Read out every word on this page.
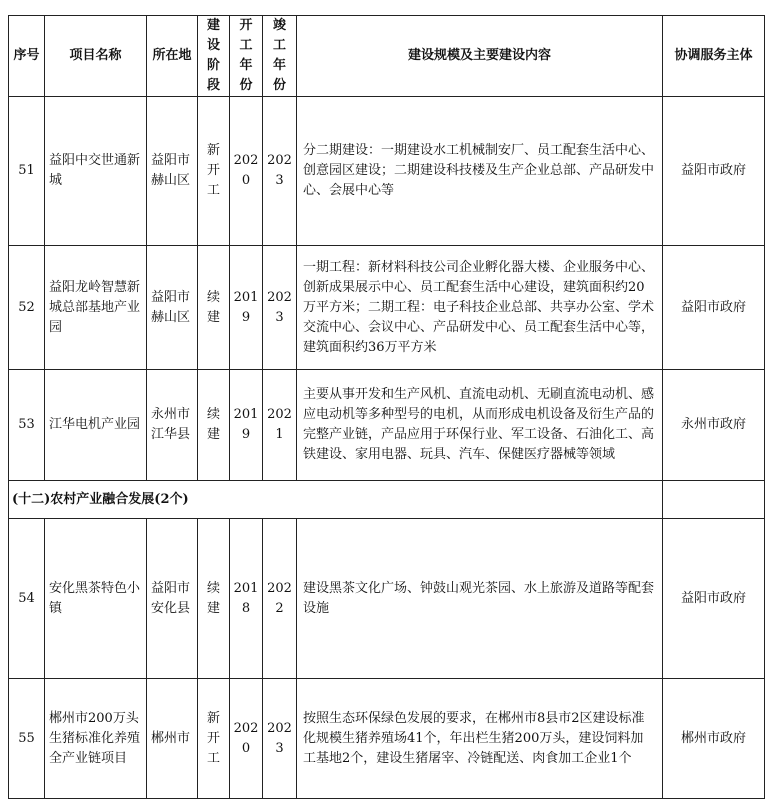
序号	项目名称	所在地	建设阶段	开工年份	竣工年份	建设规模及主要建设内容	协调服务主体
51	益阳中交世通新城	益阳市赫山区	新开工	2020	2023	分二期建设：一期建设水工机械制安厂、员工配套生活中心、创意园区建设；二期建设科技楼及生产企业总部、产品研发中心、会展中心等	益阳市政府
52	益阳龙岭智慧新城总部基地产业园	益阳市赫山区	续建	2019	2023	一期工程：新材料科技公司企业孵化器大楼、企业服务中心、创新成果展示中心、员工配套生活中心建设，建筑面积约20万平方米；二期工程：电子科技企业总部、共享办公室、学术交流中心、会议中心、产品研发中心、员工配套生活中心等，建筑面积约36万平方米	益阳市政府
53	江华电机产业园	永州市江华县	续建	2019	2021	主要从事开发和生产风机、直流电动机、无刷直流电动机、感应电动机等多种型号的电机，从而形成电机设备及衍生产品的完整产业链，产品应用于环保行业、军工设备、石油化工、高铁建设、家用电器、玩具、汽车、保健医疗器械等领域	永州市政府
(十二)农村产业融合发展(2个)							
54	安化黑茶特色小镇	益阳市安化县	续建	2018	2022	建设黑茶文化广场、钟鼓山观光茶园、水上旅游及道路等配套设施	益阳市政府
55	郴州市200万头生猪标准化养殖全产业链项目	郴州市	新开工	2020	2023	按照生态环保绿色发展的要求，在郴州市8县市2区建设标准化规模生猪养殖场41个，年出栏生猪200万头，建设饲料加工基地2个，建设生猪屠宰、冷链配送、肉食加工企业1个	郴州市政府
